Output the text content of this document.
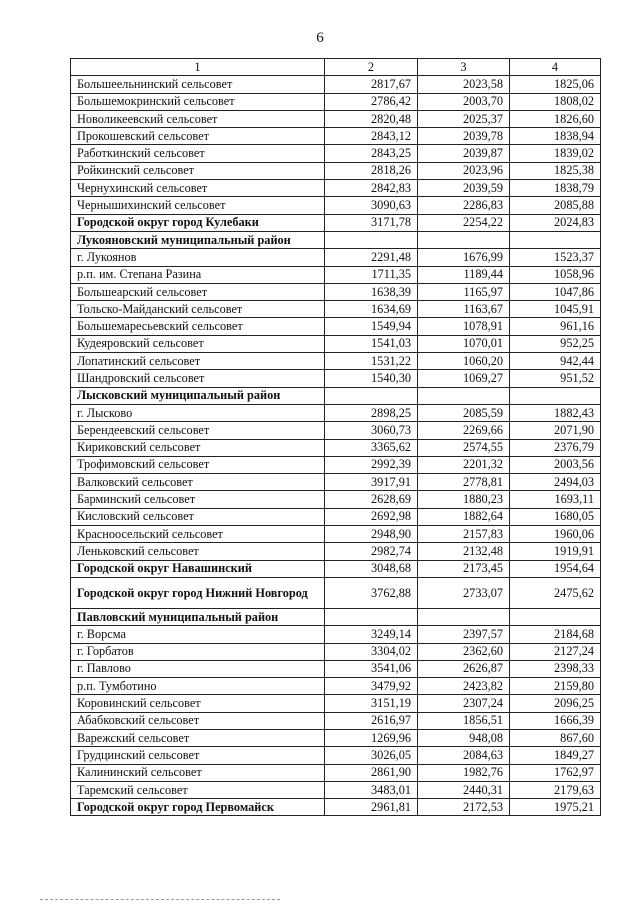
6
1	2	3	4
Большеельнинский сельсовет	2817,67	2023,58	1825,06
Большемокринский сельсовет	2786,42	2003,70	1808,02
Новоликеевский сельсовет	2820,48	2025,37	1826,60
Прокошевский сельсовет	2843,12	2039,78	1838,94
Работкинский сельсовет	2843,25	2039,87	1839,02
Ройкинский сельсовет	2818,26	2023,96	1825,38
Чернухинский сельсовет	2842,83	2039,59	1838,79
Чернышихинский сельсовет	3090,63	2286,83	2085,88
Городской округ город Кулебаки	3171,78	2254,22	2024,83
Лукояновский муниципальный район			
г. Лукоянов	2291,48	1676,99	1523,37
р.п. им. Степана Разина	1711,35	1189,44	1058,96
Большеарский сельсовет	1638,39	1165,97	1047,86
Тольско-Майданский сельсовет	1634,69	1163,67	1045,91
Большемаресьевский сельсовет	1549,94	1078,91	961,16
Кудеяровский сельсовет	1541,03	1070,01	952,25
Лопатинский сельсовет	1531,22	1060,20	942,44
Шандровский сельсовет	1540,30	1069,27	951,52
Лысковский муниципальный район			
г. Лысково	2898,25	2085,59	1882,43
Берендеевский сельсовет	3060,73	2269,66	2071,90
Кириковский сельсовет	3365,62	2574,55	2376,79
Трофимовский сельсовет	2992,39	2201,32	2003,56
Валковский сельсовет	3917,91	2778,81	2494,03
Барминский сельсовет	2628,69	1880,23	1693,11
Кисловский сельсовет	2692,98	1882,64	1680,05
Красноосельский сельсовет	2948,90	2157,83	1960,06
Леньковский сельсовет	2982,74	2132,48	1919,91
Городской округ Навашинский	3048,68	2173,45	1954,64
Городской округ город Нижний Новгород	3762,88	2733,07	2475,62
Павловский муниципальный район			
г. Ворсма	3249,14	2397,57	2184,68
г. Горбатов	3304,02	2362,60	2127,24
г. Павлово	3541,06	2626,87	2398,33
р.п. Тумботино	3479,92	2423,82	2159,80
Коровинский сельсовет	3151,19	2307,24	2096,25
Абабковский сельсовет	2616,97	1856,51	1666,39
Варежский сельсовет	1269,96	948,08	867,60
Грудцинский сельсовет	3026,05	2084,63	1849,27
Калининский сельсовет	2861,90	1982,76	1762,97
Таремский сельсовет	3483,01	2440,31	2179,63
Городской округ город Первомайск	2961,81	2172,53	1975,21
